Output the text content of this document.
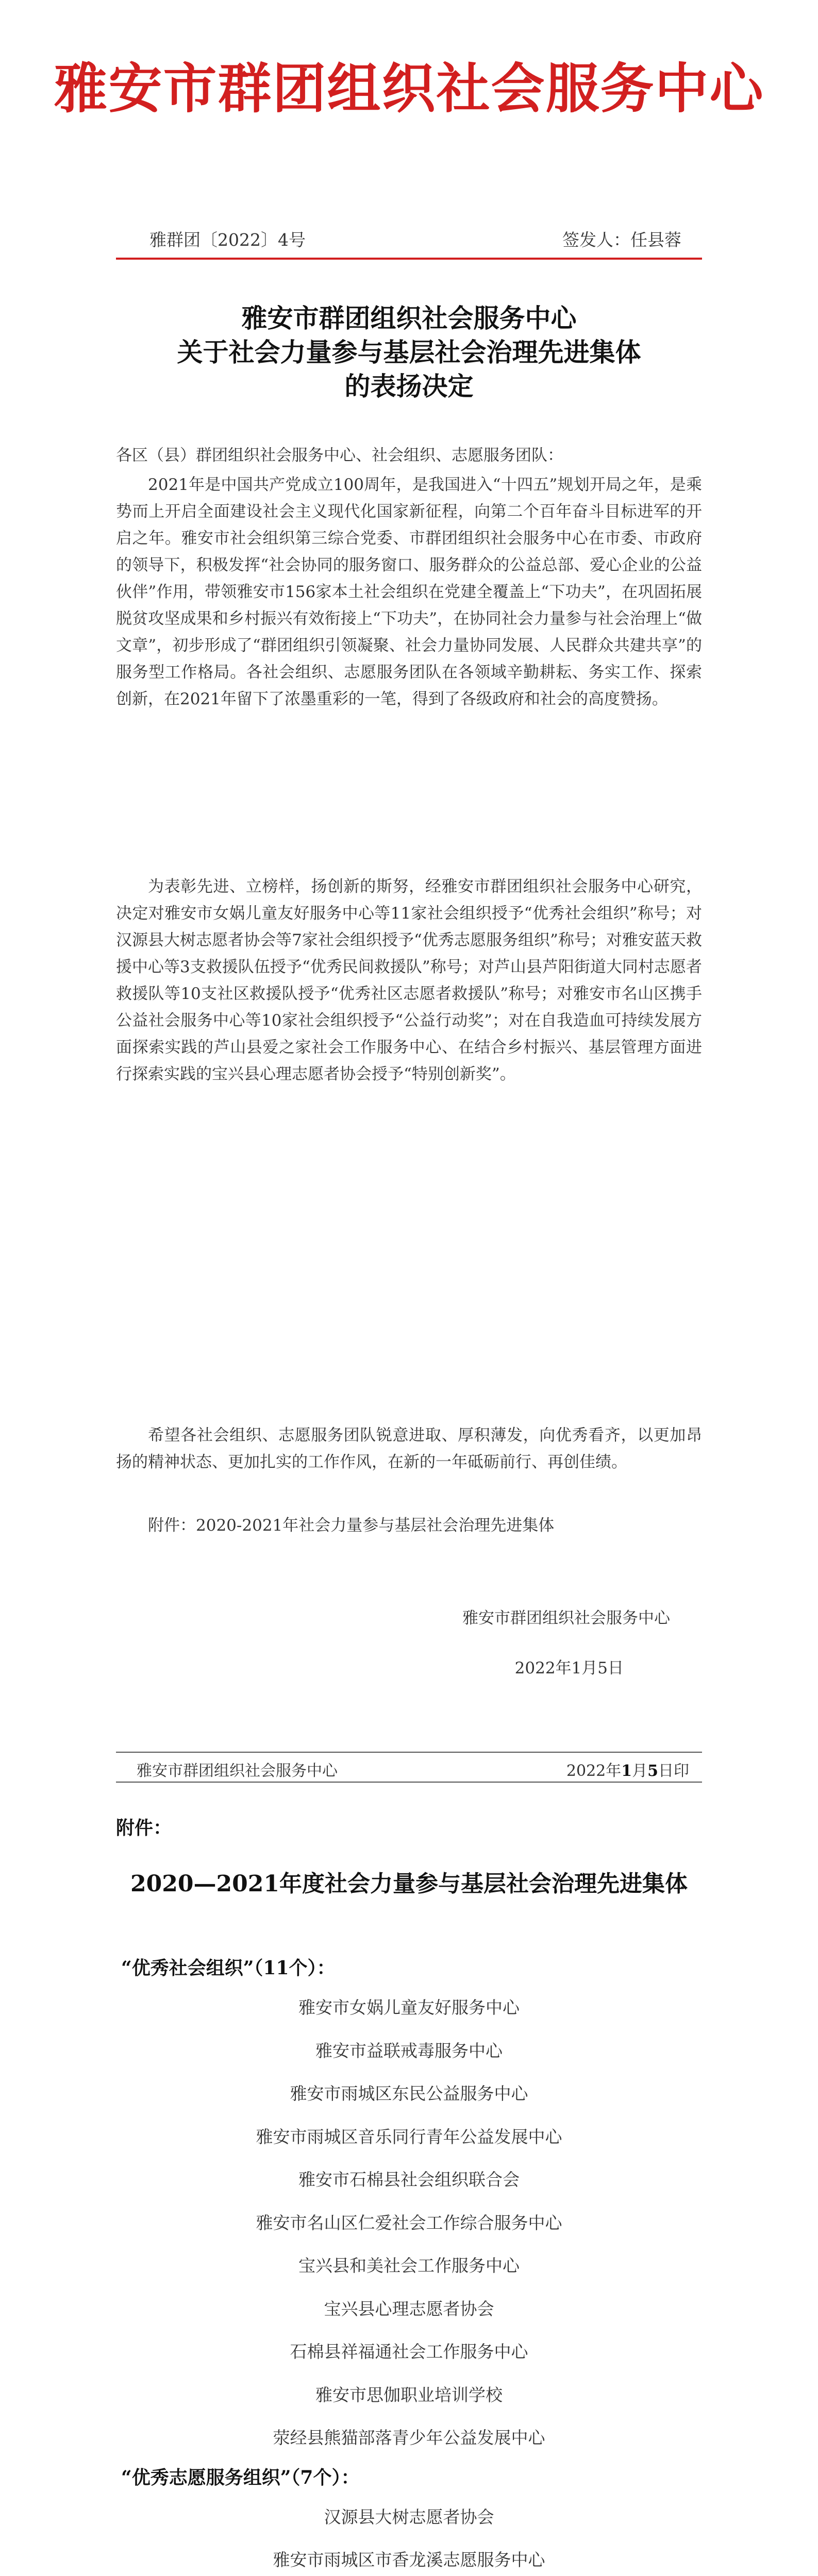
雅安市群团组织社会服务中心
雅群团〔2022〕4号	签发人：任县蓉
雅安市群团组织社会服务中心
关于社会力量参与基层社会治理先进集体
的表扬决定
各区（县）群团组织社会服务中心、社会组织、志愿服务团队：

2021年是中国共产党成立100周年，是我国进入“十四五”规划开局之年，是乘势而上开启全面建设社会主义现代化国家新征程，向第二个百年奋斗目标进军的开启之年。雅安市社会组织第三综合党委、市群团组织社会服务中心在市委、市政府的领导下，积极发挥“社会协同的服务窗口、服务群众的公益总部、爱心企业的公益伙伴”作用，带领雅安市156家本土社会组织在党建全覆盖上“下功夫”，在巩固拓展脱贫攻坚成果和乡村振兴有效衔接上“下功夫”，在协同社会力量参与社会治理上“做文章”，初步形成了“群团组织引领凝聚、社会力量协同发展、人民群众共建共享”的服务型工作格局。各社会组织、志愿服务团队在各领域辛勤耕耘、务实工作、探索创新，在2021年留下了浓墨重彩的一笔，得到了各级政府和社会的高度赞扬。

为表彰先进、立榜样，扬创新的斯努，经雅安市群团组织社会服务中心研究，决定对雅安市女娲儿童友好服务中心等11家社会组织授予“优秀社会组织”称号；对汉源县大树志愿者协会等7家社会组织授予“优秀志愿服务组织”称号；对雅安蓝天救援中心等3支救援队伍授予“优秀民间救援队”称号；对芦山县芦阳街道大同村志愿者救援队等10支社区救援队授予“优秀社区志愿者救援队”称号；对雅安市名山区携手公益社会服务中心等10家社会组织授予“公益行动奖”；对在自我造血可持续发展方面探索实践的芦山县爱之家社会工作服务中心、在结合乡村振兴、基层管理方面进行探索实践的宝兴县心理志愿者协会授予“特别创新奖”。

希望各社会组织、志愿服务团队锐意进取、厚积薄发，向优秀看齐，以更加昂扬的精神状态、更加扎实的工作作风，在新的一年砥砺前行、再创佳绩。

附件：2020-2021年社会力量参与基层社会治理先进集体
雅安市群团组织社会服务中心
2022年1月5日
雅安市群团组织社会服务中心	2022年1月5日印
附件：
2020—2021年度社会力量参与基层社会治理先进集体
“优秀社会组织”（11个）：
雅安市女娲儿童友好服务中心
雅安市益联戒毒服务中心
雅安市雨城区东民公益服务中心
雅安市雨城区音乐同行青年公益发展中心
雅安市石棉县社会组织联合会
雅安市名山区仁爱社会工作综合服务中心
宝兴县和美社会工作服务中心
宝兴县心理志愿者协会
石棉县祥福通社会工作服务中心
雅安市思伽职业培训学校
荥经县熊猫部落青少年公益发展中心
“优秀志愿服务组织”（7个）：
汉源县大树志愿者协会
雅安市雨城区市香龙溪志愿服务中心
